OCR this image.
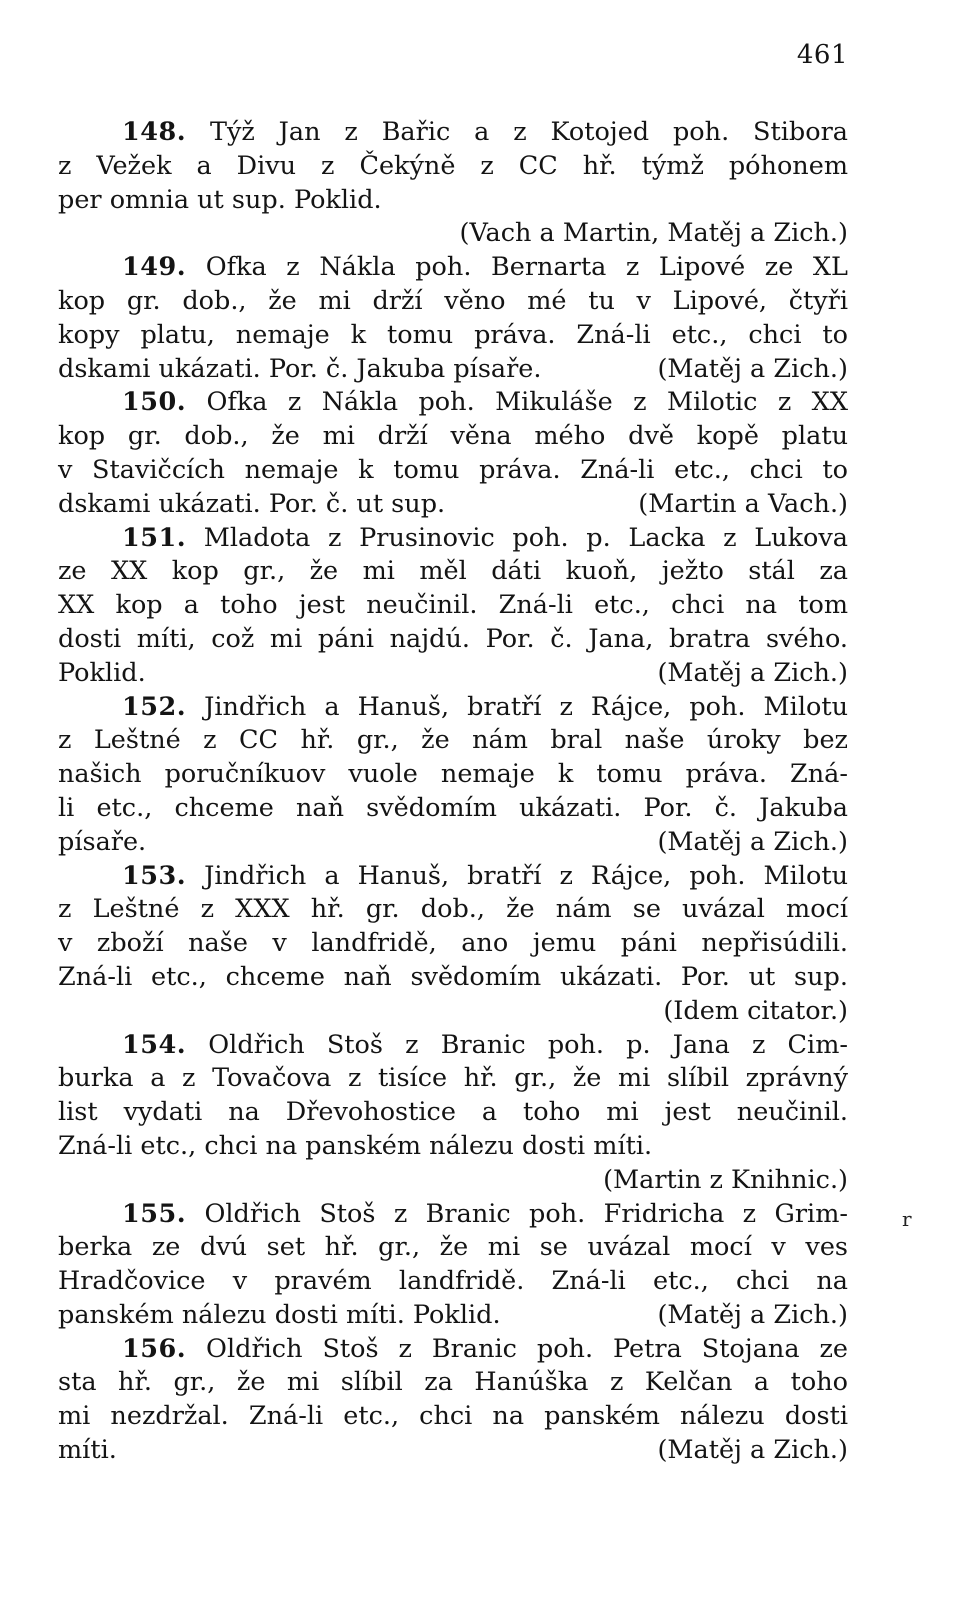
461
148. Týž Jan z Bařic a z Kotojed poh. Stibora
z Vežek a Divu z Čekýně z CC hř. týmž póhonem
per omnia ut sup. Poklid.
(Vach a Martin, Matěj a Zich.)
149. Ofka z Nákla poh. Bernarta z Lipové ze XL
kop gr. dob., že mi drží věno mé tu v Lipové, čtyři
kopy platu, nemaje k tomu práva. Zná-li etc., chci to
dskami ukázati. Por. č. Jakuba písaře.	(Matěj a Zich.)
150. Ofka z Nákla poh. Mikuláše z Milotic z XX
kop gr. dob., že mi drží věna mého dvě kopě platu
v Stavičcích nemaje k tomu práva. Zná-li etc., chci to
dskami ukázati. Por. č. ut sup.	(Martin a Vach.)
151. Mladota z Prusinovic poh. p. Lacka z Lukova
ze XX kop gr., že mi měl dáti kuoň, ježto stál za
XX kop a toho jest neučinil. Zná-li etc., chci na tom
dosti míti, což mi páni najdú. Por. č. Jana, bratra svého.
Poklid.	(Matěj a Zich.)
152. Jindřich a Hanuš, bratří z Rájce, poh. Milotu
z Leštné z CC hř. gr., že nám bral naše úroky bez
našich poručníkuov vuole nemaje k tomu práva. Zná-
li etc., chceme naň svědomím ukázati. Por. č. Jakuba
písaře.	(Matěj a Zich.)
153. Jindřich a Hanuš, bratří z Rájce, poh. Milotu
z Leštné z XXX hř. gr. dob., že nám se uvázal mocí
v zboží naše v landfridě, ano jemu páni nepřisúdili.
Zná-li etc., chceme naň svědomím ukázati. Por. ut sup.
(Idem citator.)
154. Oldřich Stoš z Branic poh. p. Jana z Cim-
burka a z Tovačova z tisíce hř. gr., že mi slíbil zprávný
list vydati na Dřevohostice a toho mi jest neučinil.
Zná-li etc., chci na panském nálezu dosti míti.
(Martin z Knihnic.)
155. Oldřich Stoš z Branic poh. Fridricha z Grim-
berka ze dvú set hř. gr., že mi se uvázal mocí v ves
Hradčovice v pravém landfridě. Zná-li etc., chci na
panském nálezu dosti míti. Poklid.	(Matěj a Zich.)
156. Oldřich Stoš z Branic poh. Petra Stojana ze
sta hř. gr., že mi slíbil za Hanúška z Kelčan a toho
mi nezdržal. Zná-li etc., chci na panském nálezu dosti
míti.	(Matěj a Zich.)
r
